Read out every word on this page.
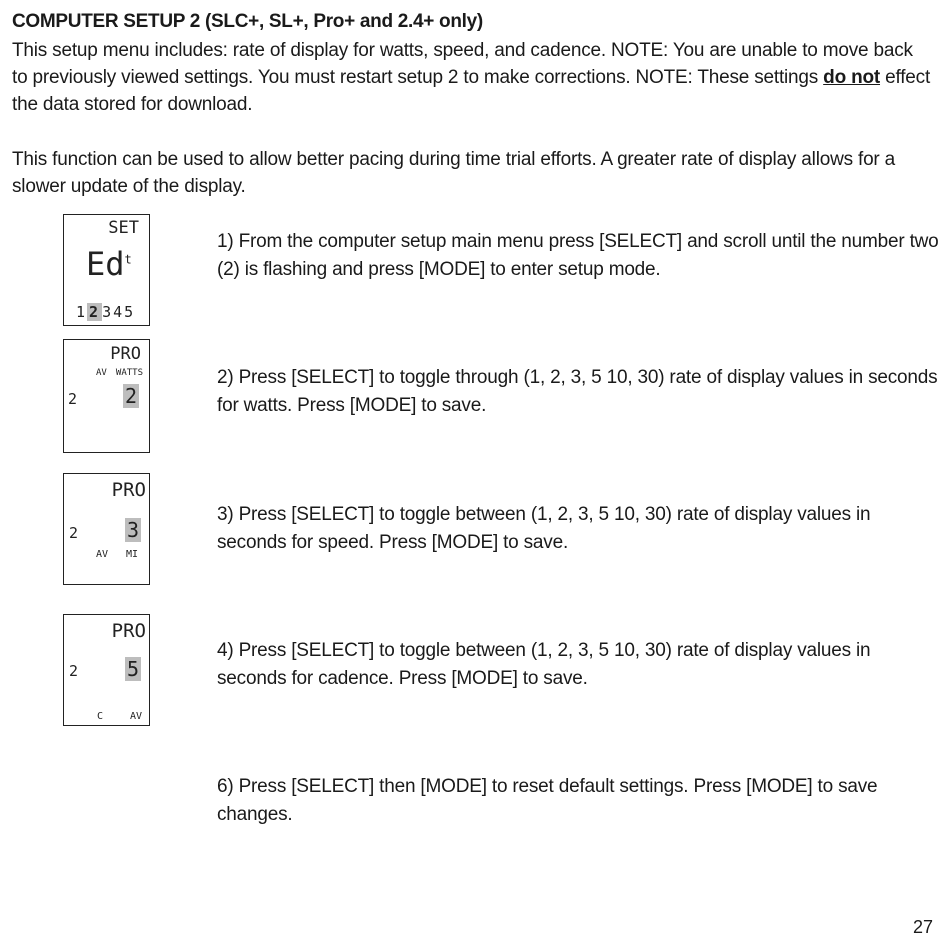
COMPUTER SETUP 2 (SLC+, SL+, Pro+ and 2.4+ only)
This setup menu includes: rate of display for watts, speed, and cadence. NOTE: You are unable to move back to previously viewed settings. You must restart setup 2 to make corrections. NOTE: These settings do not effect the data stored for download.
This function can be used to allow better pacing during time trial efforts. A greater rate of display allows for a slower update of the display.
SET
Ed$^t$
1 2 345
PRO
AV WATTS
2 2
PRO
2 3
AV MI
PRO
2 5
C	AV
1) From the computer setup main menu press [SELECT] and scroll until the number two (2) is flashing and press [MODE] to enter setup mode.
2) Press [SELECT] to toggle through (1, 2, 3, 5 10, 30) rate of display values in seconds for watts. Press [MODE] to save.
3) Press [SELECT] to toggle between (1, 2, 3, 5 10, 30) rate of display values in seconds for speed. Press [MODE] to save.
4) Press [SELECT] to toggle between (1, 2, 3, 5 10, 30) rate of display values in seconds for cadence. Press [MODE] to save.
6) Press [SELECT] then [MODE] to reset default settings. Press [MODE] to save changes.
27
